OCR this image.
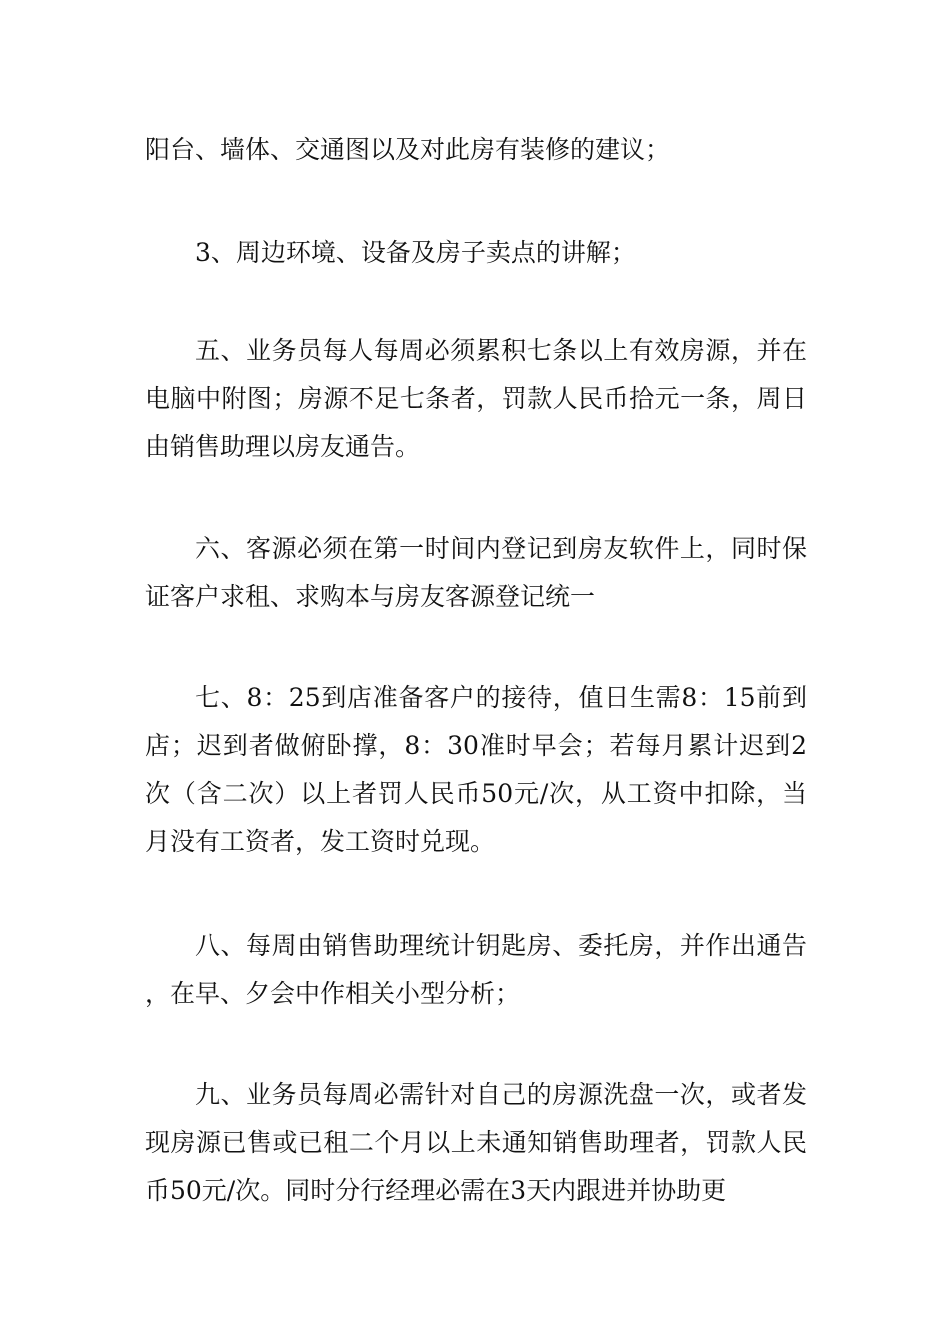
阳台、墙体、交通图以及对此房有装修的建议；

3、周边环境、设备及房子卖点的讲解；

五、业务员每人每周必须累积七条以上有效房源，并在电脑中附图；房源不足七条者，罚款人民币拾元一条，周日由销售助理以房友通告。

六、客源必须在第一时间内登记到房友软件上，同时保证客户求租、求购本与房友客源登记统一

七、8：25到店准备客户的接待，值日生需8：15前到店；迟到者做俯卧撑，8：30准时早会；若每月累计迟到2次（含二次）以上者罚人民币50元/次，从工资中扣除，当月没有工资者，发工资时兑现。

八、每周由销售助理统计钥匙房、委托房，并作出通告，在早、夕会中作相关小型分析；

九、业务员每周必需针对自己的房源洗盘一次，或者发现房源已售或已租二个月以上未通知销售助理者，罚款人民币50元/次。同时分行经理必需在3天内跟进并协助更
